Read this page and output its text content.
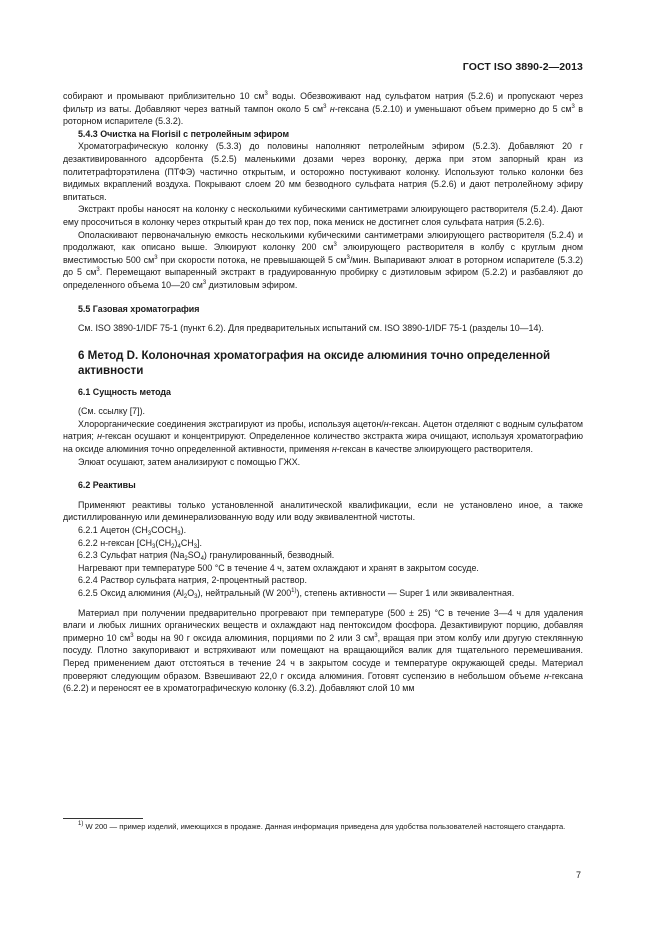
ГОСТ ISO 3890-2—2013

собирают и промывают приблизительно 10 $см^3$ воды. Обезвоживают над сульфатом натрия (5.2.6) и пропускают через фильтр из ваты. Добавляют через ватный тампон около 5 $см^3$ н-гексана (5.2.10) и уменьшают объем примерно до 5 $см^3$ в роторном испарителе (5.3.2).

5.4.3 Очистка на Florisil с петролейным эфиром

Хроматографическую колонку (5.3.3) до половины наполняют петролейным эфиром (5.2.3). Добавляют 20 г дезактивированного адсорбента (5.2.5) маленькими дозами через воронку, держа при этом запорный кран из политетрафторэтилена (ПТФЭ) частично открытым, и осторожно постукивают колонку. Используют только колонки без видимых вкраплений воздуха. Покрывают слоем 20 мм безводного сульфата натрия (5.2.6) и дают петролейному эфиру впитаться.

Экстракт пробы наносят на колонку с несколькими кубическими сантиметрами элюирующего растворителя (5.2.4). Дают ему просочиться в колонку через открытый кран до тех пор, пока мениск не достигнет слоя сульфата натрия (5.2.6).

Ополаскивают первоначальную емкость несколькими кубическими сантиметрами элюирующего растворителя (5.2.4) и продолжают, как описано выше. Элюируют колонку 200 $см^3$ элюирующего растворителя в колбу с круглым дном вместимостью 500 $см^3$ при скорости потока, не превышающей 5 $см^3$/мин. Выпаривают элюат в роторном испарителе (5.3.2) до 5 $см^3$. Перемещают выпаренный экстракт в градуированную пробирку с диэтиловым эфиром (5.2.2) и разбавляют до определенного объема 10—20 $см^3$ диэтиловым эфиром.

5.5 Газовая хроматография

См. ISO 3890-1/IDF 75-1 (пункт 6.2). Для предварительных испытаний см. ISO 3890-1/IDF 75-1 (разделы 10—14).

6 Метод D. Колоночная хроматография на оксиде алюминия точно определенной активности

6.1 Сущность метода

(См. ссылку [7]).

Хлорорганические соединения экстрагируют из пробы, используя ацетон/н-гексан. Ацетон отделяют с водным сульфатом натрия; н-гексан осушают и концентрируют. Определенное количество экстракта жира очищают, используя хроматографию на оксиде алюминия точно определенной активности, применяя н-гексан в качестве элюирующего растворителя.

Элюат осушают, затем анализируют с помощью ГЖХ.

6.2 Реактивы

Применяют реактивы только установленной аналитической квалификации, если не установлено иное, а также дистиллированную или деминерализованную воду или воду эквивалентной чистоты.

6.2.1 Ацетон $(CH_3COCH_3)$.

6.2.2 н-гексан $[CH_3(CH_2)_4CH_3]$.

6.2.3 Сульфат натрия $(Na_2SO_4)$ гранулированный, безводный.

Нагревают при температуре 500 °C в течение 4 ч, затем охлаждают и хранят в закрытом сосуде.

6.2.4 Раствор сульфата натрия, 2-процентный раствор.

6.2.5 Оксид алюминия $(Al_2O_3)$, нейтральный (W 200$^{1)}$), степень активности — Super 1 или эквивалентная.

Материал при получении предварительно прогревают при температуре (500 ± 25) °C в течение 3—4 ч для удаления влаги и любых лишних органических веществ и охлаждают над пентоксидом фосфора. Дезактивируют порцию, добавляя примерно 10 $см^3$ воды на 90 г оксида алюминия, порциями по 2 или 3 $см^3$, вращая при этом колбу или другую стеклянную посуду. Плотно закупоривают и встряхивают или помещают на вращающийся валик для тщательного перемешивания. Перед применением дают отстояться в течение 24 ч в закрытом сосуде и температуре окружающей среды. Материал проверяют следующим образом. Взвешивают 22,0 г оксида алюминия. Готовят суспензию в небольшом объеме н-гексана (6.2.2) и переносят ее в хроматографическую колонку (6.3.2). Добавляют слой 10 мм

$^{1)}$ W 200 — пример изделий, имеющихся в продаже. Данная информация приведена для удобства пользователей настоящего стандарта.

7
